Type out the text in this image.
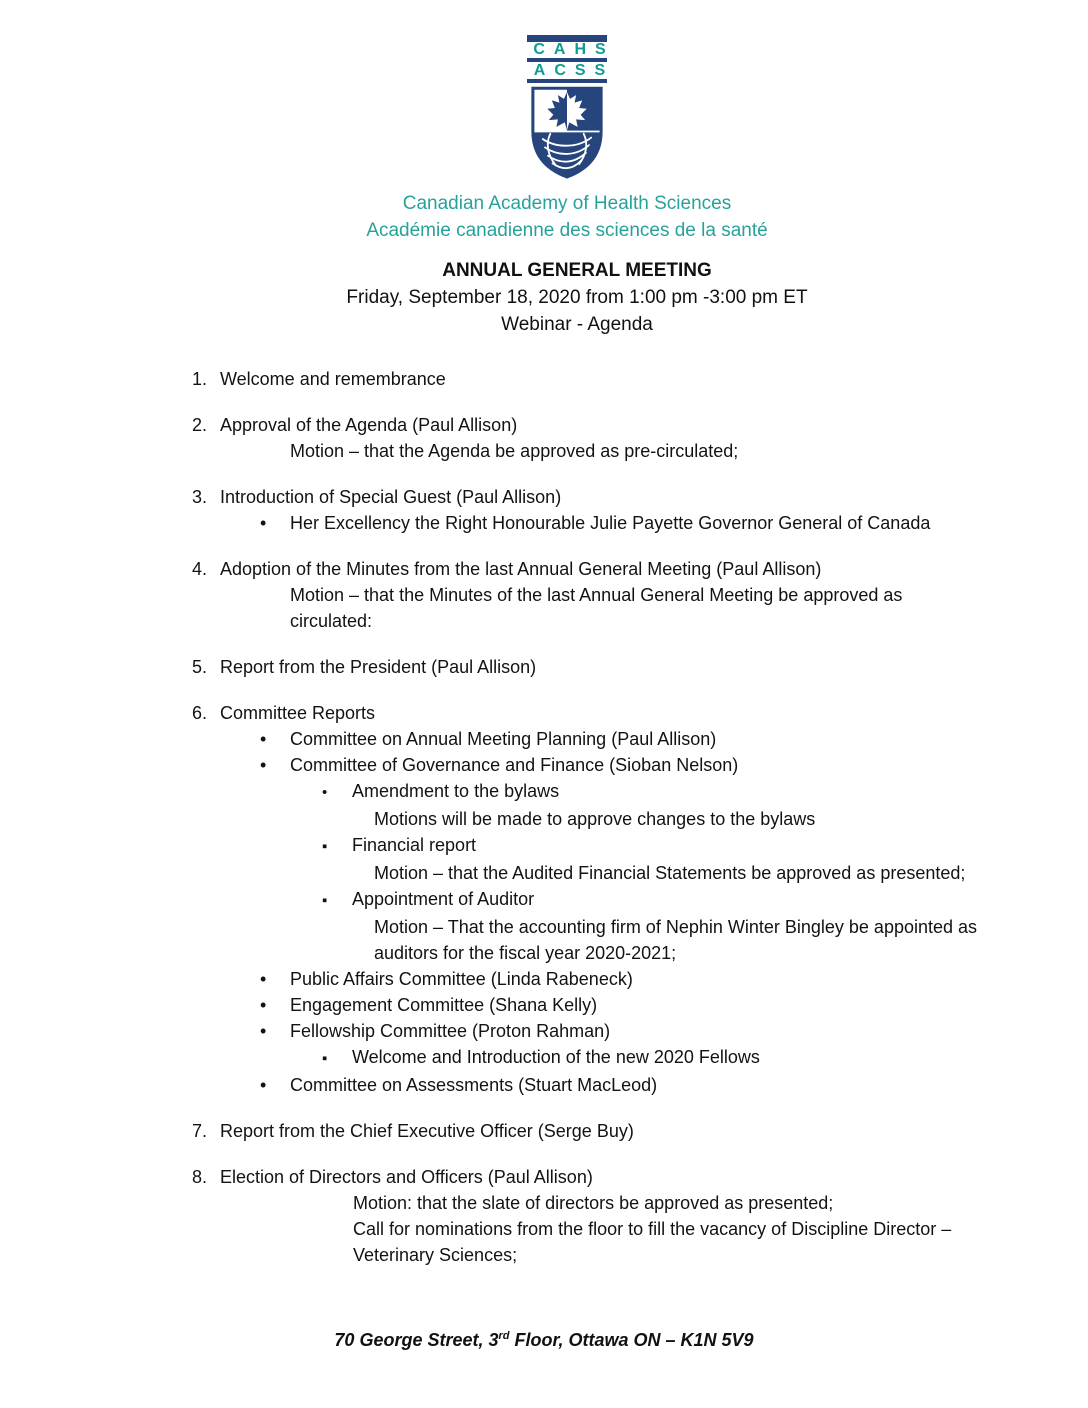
CAHS
ACSS
Canadian Academy of Health Sciences
Académie canadienne des sciences de la santé
ANNUAL GENERAL MEETING
Friday, September 18, 2020 from 1:00 pm -3:00 pm ET
Webinar - Agenda
1. Welcome and remembrance
2. Approval of the Agenda (Paul Allison)
Motion – that the Agenda be approved as pre-circulated;
3. Introduction of Special Guest (Paul Allison)
• Her Excellency the Right Honourable Julie Payette Governor General of Canada
4. Adoption of the Minutes from the last Annual General Meeting (Paul Allison)
Motion – that the Minutes of the last Annual General Meeting be approved as
circulated:
5. Report from the President (Paul Allison)
6. Committee Reports
• Committee on Annual Meeting Planning (Paul Allison)
• Committee of Governance and Finance (Sioban Nelson)
• Amendment to the bylaws
Motions will be made to approve changes to the bylaws
▪ Financial report
Motion – that the Audited Financial Statements be approved as presented;
▪ Appointment of Auditor
Motion – That the accounting firm of Nephin Winter Bingley be appointed as
auditors for the fiscal year 2020-2021;
• Public Affairs Committee (Linda Rabeneck)
• Engagement Committee (Shana Kelly)
• Fellowship Committee (Proton Rahman)
▪ Welcome and Introduction of the new 2020 Fellows
• Committee on Assessments (Stuart MacLeod)
7. Report from the Chief Executive Officer (Serge Buy)
8. Election of Directors and Officers (Paul Allison)
Motion: that the slate of directors be approved as presented;
Call for nominations from the floor to fill the vacancy of Discipline Director –
Veterinary Sciences;
70 George Street, 3rd Floor, Ottawa ON – K1N 5V9
